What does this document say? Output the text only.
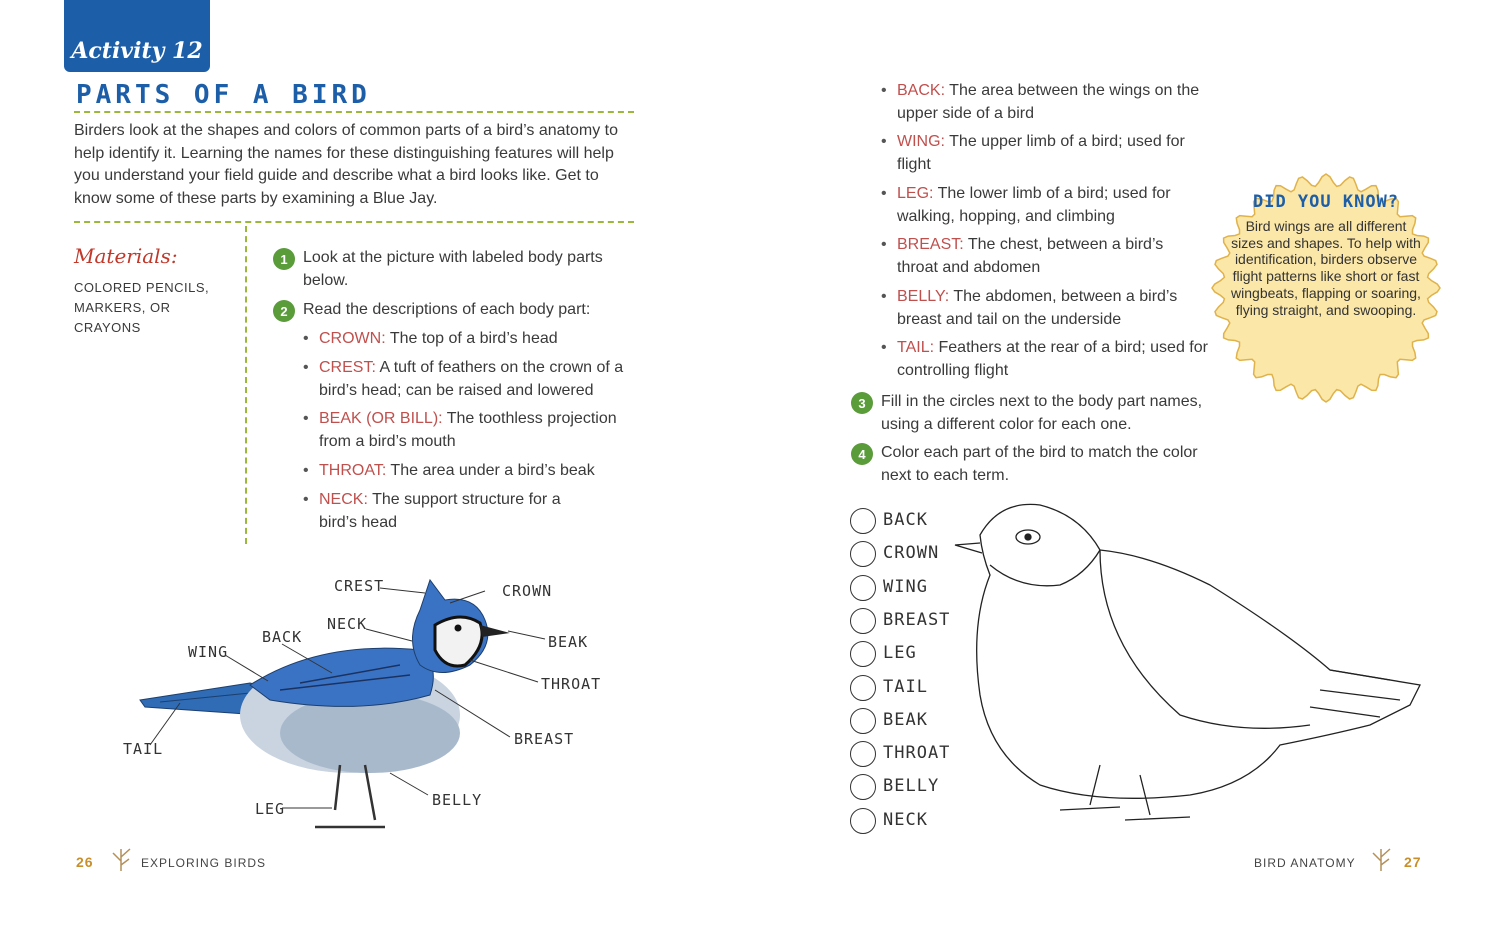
Activity 12
PARTS OF A BIRD
Birders look at the shapes and colors of common parts of a bird’s anatomy to help identify it. Learning the names for these distinguishing features will help you understand your field guide and describe what a bird looks like. Get to know some of these parts by examining a Blue Jay.
Materials:
COLORED PENCILS, MARKERS, OR CRAYONS
1 Look at the picture with labeled body parts below.
2 Read the descriptions of each body part:
• CROWN: The top of a bird’s head
• CREST: A tuft of feathers on the crown of a bird’s head; can be raised and lowered
• BEAK (OR BILL): The toothless projection from a bird’s mouth
• THROAT: The area under a bird’s beak
• NECK: The support structure for a bird’s head
CREST	CROWN
NECK
BACK
WING
BEAK
THROAT
BREAST
TAIL
LEG	BELLY
26	EXPLORING BIRDS
• BACK: The area between the wings on the upper side of a bird
• WING: The upper limb of a bird; used for flight
• LEG: The lower limb of a bird; used for walking, hopping, and climbing
• BREAST: The chest, between a bird’s throat and abdomen
• BELLY: The abdomen, between a bird’s breast and tail on the underside
• TAIL: Feathers at the rear of a bird; used for controlling flight
3 Fill in the circles next to the body part names, using a different color for each one.
4 Color each part of the bird to match the color next to each term.
DID YOU KNOW?
Bird wings are all different sizes and shapes. To help with identification, birders observe flight patterns like short or fast wingbeats, flapping or soaring, flying straight, and swooping.
BACK
CROWN
WING
BREAST
LEG
TAIL
BEAK
THROAT
BELLY
NECK
BIRD ANATOMY	27
